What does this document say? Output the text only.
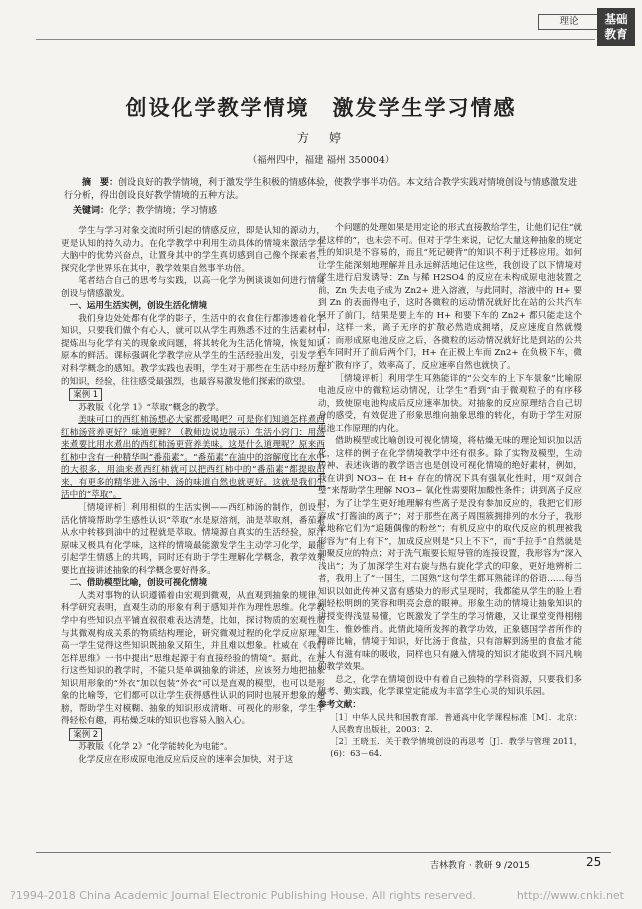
理论	基础
教育
创设化学教学情境　激发学生学习情感
方　婷
（福州四中，福建 福州 350004）
摘　要：创设良好的教学情境，利于激发学生积极的情感体验，使教学事半功倍。本文结合教学实践对情境创设与情感激发进行分析，得出创设良好教学情境的五种方法。
关键词：化学；教学情境；学习情感

学生与学习对象交流时所引起的情感反应，即是认知的源动力，更是认知的持久动力。在化学教学中利用生动具体的情境来激活学生大脑中的优势兴奋点，让置身其中的学生真切感到自己像个探索者，探究化学世界乐在其中，教学效果自然事半功倍。

笔者结合自己的思考与实践，以高一化学为例谈谈如何进行情境创设与情感激发。

一、运用生活实例，创设生活化情境

我们身边处处都有化学的影子，生活中的衣食住行都渗透着化学知识，只要我们做个有心人，就可以从学生再熟悉不过的生活素材中提炼出与化学有关的现象或问题，将其转化为生活化情境，恢复知识原本的鲜活。课标强调化学教学应从学生的生活经验出发，引发学生对科学概念的感知。教学实践也表明，学生对于那些在生活中经历过的知识，经验，往往感受最强烈，也最容易激发他们探索的欲望。

案例 1

苏教版《化学 1》“萃取”概念的教学。

美味可口的西红柿汤想必大家都爱喝吧？可是你们知道怎样煮西红柿汤营养更好？味道更鲜？（教师边说边展示）生活小窍门：用汤来煮要比用水煮出的西红柿汤更营养美味。这是什么道理呢？原来西红柿中含有一种精华叫“番茄素”。“番茄素”在油中的溶解度比在水中的大很多，用油来煮西红柿就可以把西红柿中的“番茄素”都提取出来，有更多的精华进入汤中，汤的味道自然也就更好。这就是我们生活中的“萃取”。

［情境评析］利用相似的生活实例——西红柿汤的制作，创设生活化情境帮助学生感性认识“萃取”水是原溶剂，油是萃取剂，番茄素从水中转移到油中的过程就是萃取。情境源自真实的生活经验，原汁原味又极具有化学味，这样的情境最能激发学生主动学习化学，最能引起学生情感上的共鸣，同时还有助于学生理解化学概念，教学效果要比直接讲述抽象的科学概念要好得多。

二、借助模型比喻，创设可视化情境

人类对事物的认识遵循着由宏观到微观，从直观到抽象的规律。科学研究表明，直观生动的形象有利于感知并作为理性思维。化学教学中有些知识点平铺直叙很难表达清楚，比如，探讨物质的宏观性质与其微观构成关系的物质结构理论，研究微观过程的化学反应原理。高一学生觉得这些知识既抽象又陌生，并且难以想象。杜威在《我们怎样思维》一书中提出“思维起源于有直接经验的情境”。据此，在进行这些知识的教学时，不能只是单调抽象的讲述，应该努力地把抽象知识用形象的“外衣”加以包装“外衣”可以是直观的模型，也可以是形象的比喻等，它们都可以让学生获得感性认识的同时也展开想象的翅膀，帮助学生对模糊、抽象的知识形成清晰、可视化的形象，学生学得轻松有趣，再枯燥乏味的知识也容易入脑入心。

案例 2

苏教版《化学 2》“化学能转化为电能”。

化学反应在形成原电池反应后反应的速率会加快，对于这

个问题的处理如果是用定论的形式直接教给学生，让他们记住“就是这样的”，也未尝不可。但对于学生来说，记忆大量这种抽象的规定性的知识是不容易的，而且“死记硬背”的知识不利于迁移应用。如何让学生能深刻地理解并且永远鲜活地记住这些，我创设了以下情境对学生进行启发诱导：Zn 与稀 H2SO4 的反应在未构成原电池装置之前，Zn 失去电子成为 Zn2+ 进入溶液，与此同时，溶液中的 H+ 要到 Zn 的表面得电子，这时各微粒的运动情况就好比在站的公共汽车只开了前门，结果是要上车的 H+ 和要下车的 Zn2+ 都只能走这个门，这样一来，离子无序的扩散必然造成拥堵，反应速度自然就慢了；而形成原电池反应之后，各微粒的运动情况就好比是到站的公共汽车同时开了前后两个门，H+ 在正极上车而 Zn2+ 在负极下车，微粒扩散有序了，效率高了，反应速率自然也就快了。

［情境评析］利用学生耳熟能详的“公交车的上下车景象”比喻原电池反应中的微粒运动情况，让学生“看到”由于微观粒子的有序移动，致使原电池构成后反应速率加快。对抽象的反应原理结合自己切身的感受，有效促进了形象思维向抽象思维的转化，有助于学生对原电池工作原理的内化。

借助模型或比喻创设可视化情境，将枯燥无味的理论知识加以活化，这样的例子在化学情境教学中还有很多。除了实物及模型，生动传神、表述诙谐的教学语言也是创设可视化情境的绝好素材，例如，我在讲到 NO3− 在 H+ 存在的情况下具有强氧化性时，用“双剑合璧”来帮助学生理解 NO3− 氧化性需要附加酸性条件；讲到离子反应时，为了让学生更好地理解有些离子是没有参加反应的，我把它们形容成“打酱油的离子”；对于那些在离子周围簇拥排列的水分子，我形象地称它们为“追随偶像的粉丝”；有机反应中的取代反应的机理被我形容为“有上有下”，加成反应则是“只上不下”，而“手拉手”自然就是加聚反应的特点；对于洗气瓶要长短导管的连接设置，我形容为“深入浅出”；为了加深学生对右旋与热右旋化学式的印象，更好地辨析二者，我用上了“一国生，二国熟”这句学生都耳熟能详的俗语……每当知识以如此传神又富有感染力的形式呈现时，我都能从学生的脸上看到轻松明朗的笑容和明亮会意的眼神。形象生动的情境让抽象知识的讲授变得浅显易懂，它既激发了学生的学习情趣，又让课堂变得栩栩如生、惟妙惟肖。此情此境所发挥的教学功效，正象德国学者所作的精辟比喻，情境于知识，好比汤于食盐，只有溶解到汤里的食盐才能让人有滋有味的吸收，同样也只有融入情境的知识才能收到不同凡响的教学效果。

总之，化学在情境创设中有着自己独特的学科资源，只要我们多思考、勤实践，化学课堂定能成为丰富学生心灵的知识乐园。

参考文献：

［1］中华人民共和国教育部．普通高中化学课程标准［M］．北京：人民教育出版社，2003：2．

［2］王晓玉．关于教学情境创设的再思考［J］．教学与管理 2011，(6)：63－64．

吉林教育 · 教研 9 /2015	25
?1994-2018 China Academic Journal Electronic Publishing House. All rights reserved.	http://www.cnki.net
